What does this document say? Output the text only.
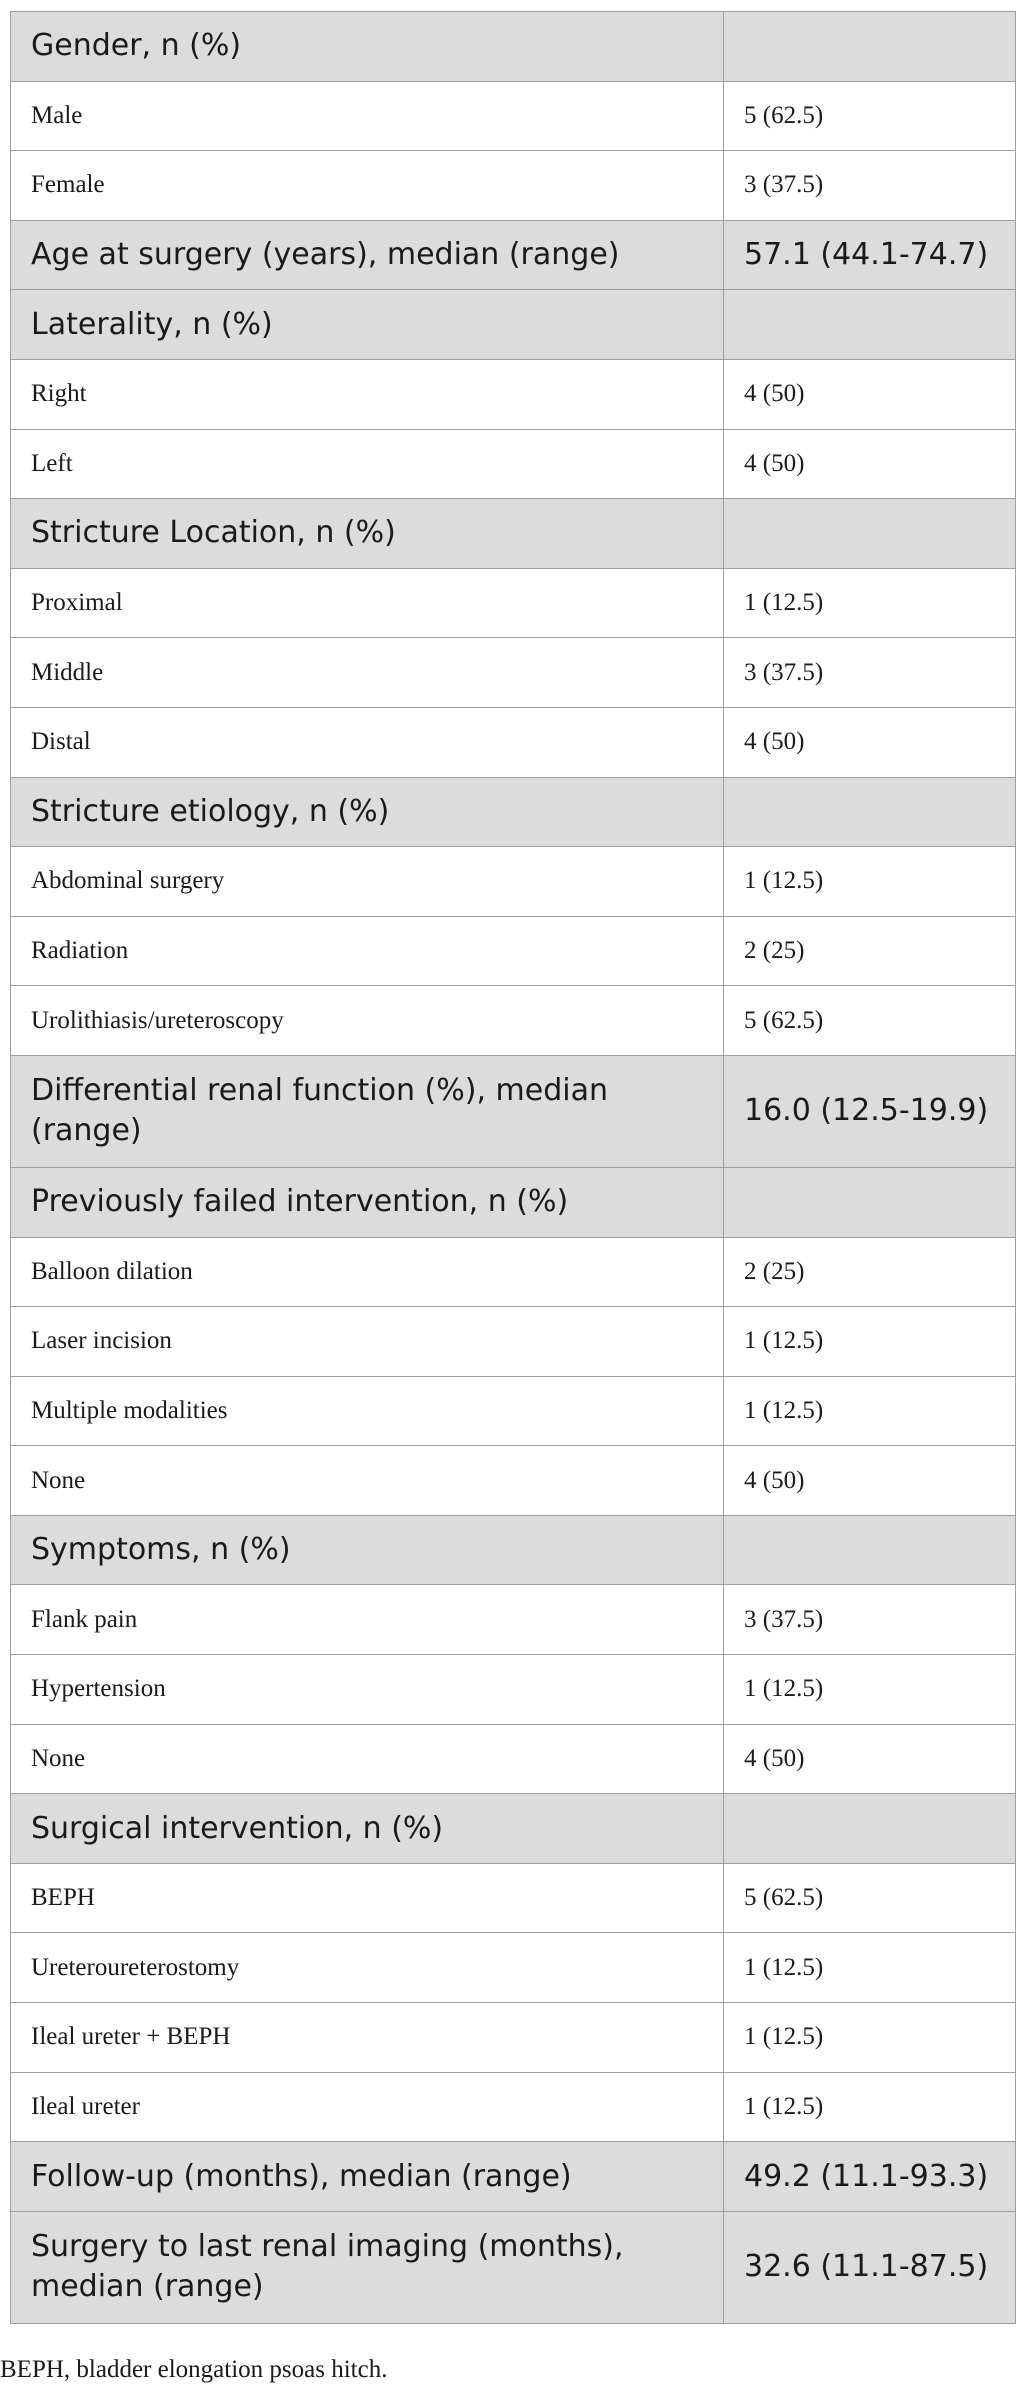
Gender, n (%)	
Male	5 (62.5)
Female	3 (37.5)
Age at surgery (years), median (range)	57.1 (44.1-74.7)
Laterality, n (%)	
Right	4 (50)
Left	4 (50)
Stricture Location, n (%)	
Proximal	1 (12.5)
Middle	3 (37.5)
Distal	4 (50)
Stricture etiology, n (%)	
Abdominal surgery	1 (12.5)
Radiation	2 (25)
Urolithiasis/ureteroscopy	5 (62.5)
Differential renal function (%), median (range)	16.0 (12.5-19.9)
Previously failed intervention, n (%)	
Balloon dilation	2 (25)
Laser incision	1 (12.5)
Multiple modalities	1 (12.5)
None	4 (50)
Symptoms, n (%)	
Flank pain	3 (37.5)
Hypertension	1 (12.5)
None	4 (50)
Surgical intervention, n (%)	
BEPH	5 (62.5)
Ureteroureterostomy	1 (12.5)
Ileal ureter + BEPH	1 (12.5)
Ileal ureter	1 (12.5)
Follow-up (months), median (range)	49.2 (11.1-93.3)
Surgery to last renal imaging (months), median (range)	32.6 (11.1-87.5)
BEPH, bladder elongation psoas hitch.
